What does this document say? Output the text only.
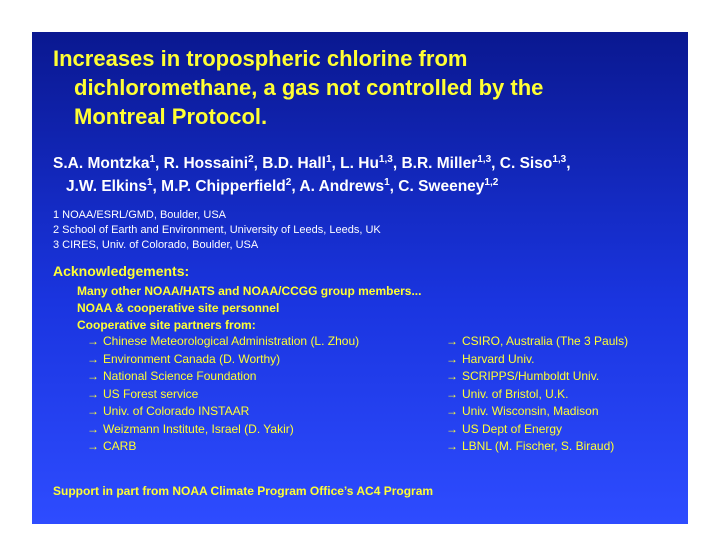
Increases in tropospheric chlorine from
dichloromethane, a gas not controlled by the
Montreal Protocol.
S.A. Montzka$^1$, R. Hossaini$^2$, B.D. Hall$^1$, L. Hu$^{1,3}$, B.R. Miller$^{1,3}$, C. Siso$^{1,3}$,
J.W. Elkins$^1$, M.P. Chipperfield$^2$, A. Andrews$^1$, C. Sweeney$^{1,2}$
1 NOAA/ESRL/GMD, Boulder, USA
2 School of Earth and Environment, University of Leeds, Leeds, UK
3 CIRES, Univ. of Colorado, Boulder, USA
Acknowledgements:
Many other NOAA/HATS and NOAA/CCGG group members...
NOAA & cooperative site personnel
Cooperative site partners from:
→ Chinese Meteorological Administration (L. Zhou)	→ CSIRO, Australia (The 3 Pauls)
→ Environment Canada (D. Worthy)	→ Harvard Univ.
→ National Science Foundation	→ SCRIPPS/Humboldt Univ.
→ US Forest service	→ Univ. of Bristol, U.K.
→ Univ. of Colorado INSTAAR	→ Univ. Wisconsin, Madison
→ Weizmann Institute, Israel (D. Yakir)	→ US Dept of Energy
→ CARB	→ LBNL (M. Fischer, S. Biraud)
Support in part from NOAA Climate Program Office’s AC4 Program
